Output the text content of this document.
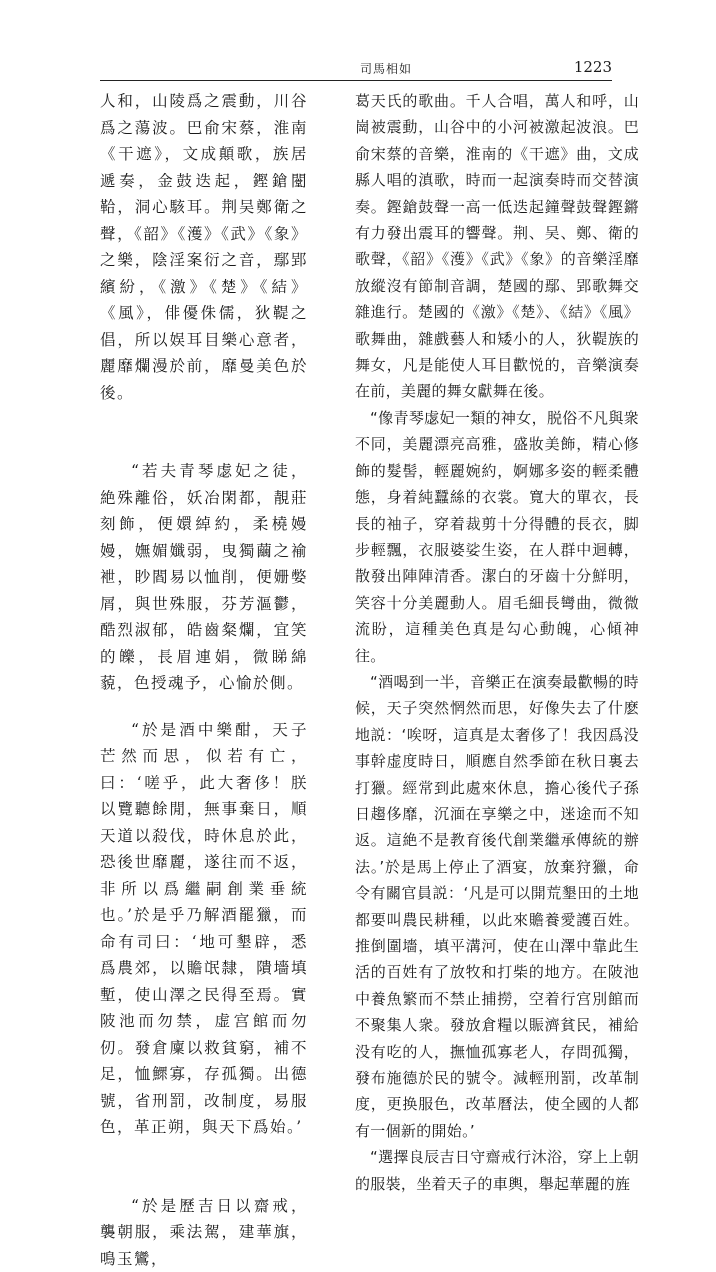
司馬相如	1223

人和，山陵爲之震動，川谷爲之蕩波。巴俞宋蔡，淮南《干遮》，文成顛歌，族居遞奏，金鼓迭起，鏗鎗闛鞈，洞心駭耳。荆吴鄭衛之聲，《韶》《濩》《武》《象》之樂，陰淫案衍之音，鄢郢繽紛，《激》《楚》《結》《風》，俳優侏儒，狄鞮之倡，所以娱耳目樂心意者，麗靡爛漫於前，靡曼美色於後。

“若夫青琴虙妃之徒，絶殊離俗，妖冶閑都，靚莊刻飾，便嬛綽約，柔橈嫚嫚，嫵媚孅弱，曳獨繭之褕袣，眇閻易以恤削，便姗嫳屑，與世殊服，芬芳漚鬱，酷烈淑郁，皓齒粲爛，宜笑的皪，長眉連娟，微睇綿藐，色授魂予，心愉於側。

“於是酒中樂酣，天子芒然而思，似若有亡，曰：‘嗟乎，此大奢侈！朕以覽聽餘閒，無事棄日，順天道以殺伐，時休息於此，恐後世靡麗，遂往而不返，非所以爲繼嗣創業垂統也。’於是乎乃解酒罷獵，而命有司曰：‘地可墾辟，悉爲農郊，以贍氓隸，隤墻填塹，使山澤之民得至焉。實陂池而勿禁，虚宫館而勿仞。發倉廩以救貧窮，補不足，恤鰥寡，存孤獨。出德號，省刑罰，改制度，易服色，革正朔，與天下爲始。’

“於是歷吉日以齋戒，襲朝服，乘法駕，建華旗，鳴玉鸞，

葛天氏的歌曲。千人合唱，萬人和呼，山崗被震動，山谷中的小河被激起波浪。巴俞宋蔡的音樂，淮南的《干遮》曲，文成縣人唱的滇歌，時而一起演奏時而交替演奏。鏗鎗鼓聲一高一低迭起鐘聲鼓聲鏗鏘有力發出震耳的響聲。荆、吴、鄭、衛的歌聲，《韶》《濩》《武》《象》的音樂淫靡放縱沒有節制音調，楚國的鄢、郢歌舞交雜進行。楚國的《激》《楚》、《結》《風》歌舞曲，雜戲藝人和矮小的人，狄鞮族的舞女，凡是能使人耳目歡悦的，音樂演奏在前，美麗的舞女獻舞在後。

“像青琴虙妃一類的神女，脱俗不凡與衆不同，美麗漂亮高雅，盛妝美飾，精心修飾的髮髻，輕麗婉約，婀娜多姿的輕柔體態，身着純蠶絲的衣裳。寬大的單衣，長長的袖子，穿着裁剪十分得體的長衣，脚步輕飄，衣服婆娑生姿，在人群中迴轉，散發出陣陣清香。潔白的牙齒十分鮮明，笑容十分美麗動人。眉毛細長彎曲，微微流盼，這種美色真是勾心動魄，心傾神往。

“酒喝到一半，音樂正在演奏最歡暢的時候，天子突然惘然而思，好像失去了什麽地説：‘唉呀，這真是太奢侈了！我因爲没事幹虚度時日，順應自然季節在秋日裏去打獵。經常到此處來休息，擔心後代子孫日趨侈靡，沉湎在享樂之中，迷途而不知返。這絶不是教育後代創業繼承傳統的辦法。’於是馬上停止了酒宴，放棄狩獵，命令有關官員説：‘凡是可以開荒墾田的土地都要叫農民耕種，以此來贍養愛護百姓。推倒圍墻，填平溝河，使在山澤中靠此生活的百姓有了放牧和打柴的地方。在陂池中養魚繁而不禁止捕撈，空着行宫別館而不聚集人衆。發放倉糧以賑濟貧民，補給没有吃的人，撫恤孤寡老人，存問孤獨，發布施德於民的號令。減輕刑罰，改革制度，更换服色，改革曆法，使全國的人都有一個新的開始。’

“選擇良辰吉日守齋戒行沐浴，穿上上朝的服裝，坐着天子的車輿，舉起華麗的旌
